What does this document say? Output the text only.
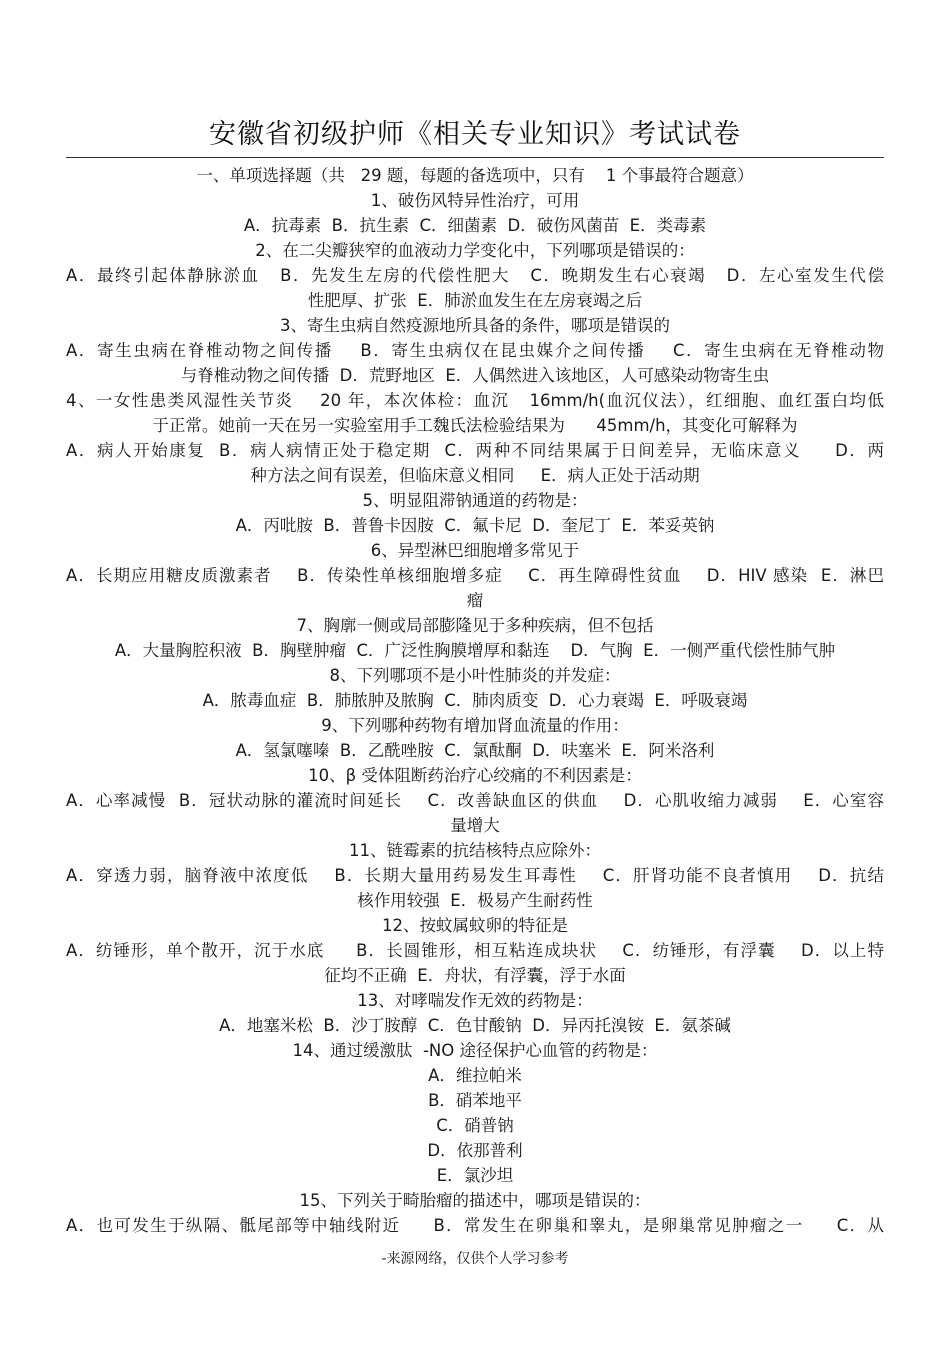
安徽省初级护师《相关专业知识》考试试卷
一、单项选择题（共   29 题，每题的备选项中，只有    1 个事最符合题意）
1、破伤风特异性治疗，可用
A．抗毒素  B．抗生素  C．细菌素  D．破伤风菌苗  E．类毒素
2、在二尖瓣狭窄的血液动力学变化中，下列哪项是错误的：
A．最终引起体静脉淤血   B．先发生左房的代偿性肥大   C．晚期发生右心衰竭   D．左心室发生代偿
性肥厚、扩张  E．肺淤血发生在左房衰竭之后
3、寄生虫病自然疫源地所具备的条件，哪项是错误的
A．寄生虫病在脊椎动物之间传播    B．寄生虫病仅在昆虫媒介之间传播    C．寄生虫病在无脊椎动物
与脊椎动物之间传播  D．荒野地区  E．人偶然进入该地区，人可感染动物寄生虫
4、一女性患类风湿性关节炎    20 年，本次体检：血沉   16mm/h(血沉仪法），红细胞、血红蛋白均低
于正常。她前一天在另一实验室用手工魏氏法检验结果为      45mm/h，其变化可解释为
A．病人开始康复  B．病人病情正处于稳定期  C．两种不同结果属于日间差异，无临床意义     D．两
种方法之间有误差，但临床意义相同     E．病人正处于活动期
5、明显阻滞钠通道的药物是：
A．丙吡胺  B．普鲁卡因胺  C．氟卡尼  D．奎尼丁  E．苯妥英钠
6、异型淋巴细胞增多常见于
A．长期应用糖皮质激素者    B．传染性单核细胞增多症    C．再生障碍性贫血    D．HIV 感染  E．淋巴
瘤
7、胸廓一侧或局部膨隆见于多种疾病，但不包括
A．大量胸腔积液  B．胸壁肿瘤  C．广泛性胸膜增厚和黏连    D．气胸  E．一侧严重代偿性肺气肿
8、下列哪项不是小叶性肺炎的并发症：
A．脓毒血症  B．肺脓肿及脓胸  C．肺肉质变  D．心力衰竭  E．呼吸衰竭
9、下列哪种药物有增加肾血流量的作用：
A．氢氯噻嗪  B．乙酰唑胺  C．氯酞酮  D．呋塞米  E．阿米洛利
10、β 受体阻断药治疗心绞痛的不利因素是：
A．心率减慢  B．冠状动脉的灌流时间延长    C．改善缺血区的供血    D．心肌收缩力减弱    E．心室容
量增大
11、链霉素的抗结核特点应除外：
A．穿透力弱，脑脊液中浓度低    B．长期大量用药易发生耳毒性    C．肝肾功能不良者慎用    D．抗结
核作用较强  E．极易产生耐药性
12、按蚊属蚊卵的特征是
A．纺锤形，单个散开，沉于水底     B．长圆锥形，相互粘连成块状    C．纺锤形，有浮囊    D．以上特
征均不正确  E．舟状，有浮囊，浮于水面
13、对哮喘发作无效的药物是：
A．地塞米松  B．沙丁胺醇  C．色甘酸钠  D．异丙托溴铵  E．氨茶碱
14、通过缓激肽  -NO 途径保护心血管的药物是：
A．维拉帕米
B．硝苯地平
C．硝普钠
D．依那普利
E．氯沙坦
15、下列关于畸胎瘤的描述中，哪项是错误的：
A．也可发生于纵隔、骶尾部等中轴线附近     B．常发生在卵巢和睾丸，是卵巢常见肿瘤之一     C．从
-来源网络，仅供个人学习参考
